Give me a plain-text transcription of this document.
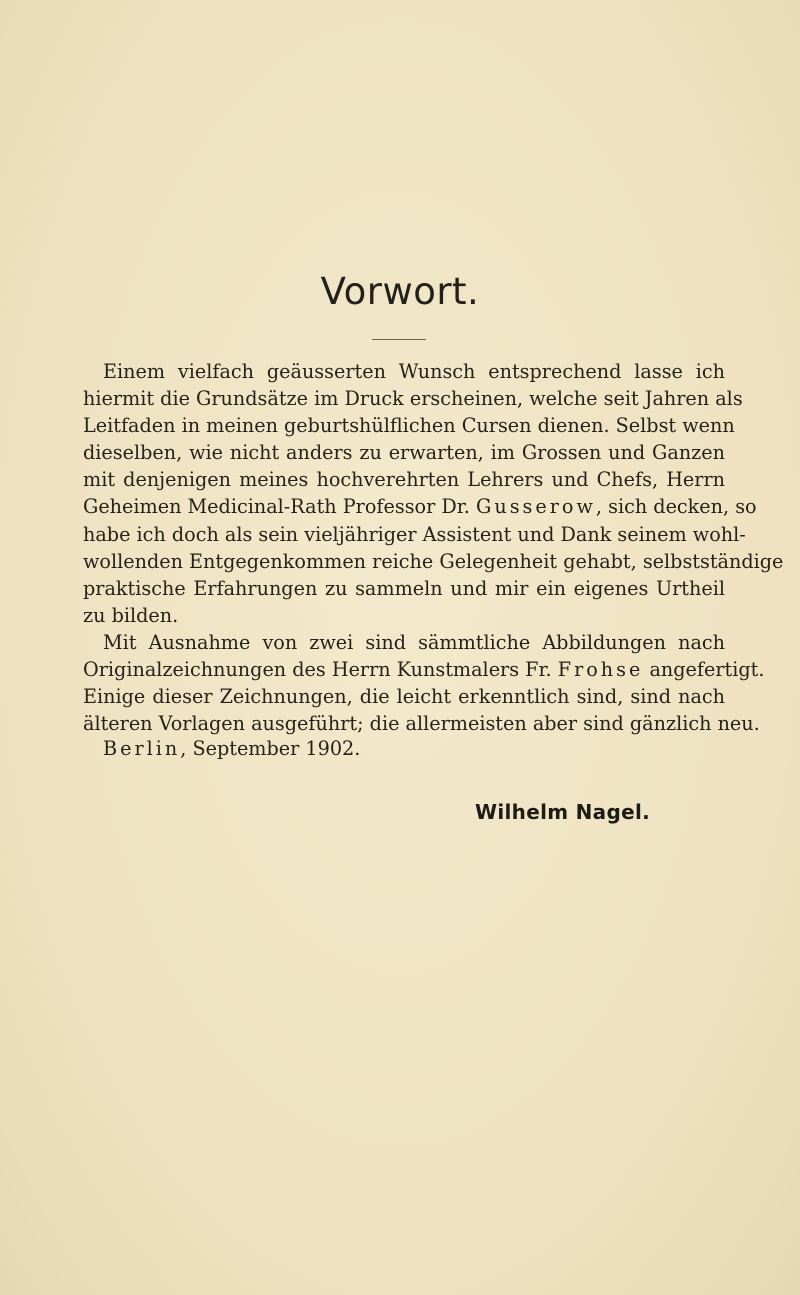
Vorwort.

Einem vielfach geäusserten Wunsch entsprechend lasse ich
hiermit die Grundsätze im Druck erscheinen, welche seit Jahren als
Leitfaden in meinen geburtshülflichen Cursen dienen. Selbst wenn
dieselben, wie nicht anders zu erwarten, im Grossen und Ganzen
mit denjenigen meines hochverehrten Lehrers und Chefs, Herrn
Geheimen Medicinal-Rath Professor Dr. Gusserow, sich decken, so
habe ich doch als sein vieljähriger Assistent und Dank seinem wohl-
wollenden Entgegenkommen reiche Gelegenheit gehabt, selbstständige
praktische Erfahrungen zu sammeln und mir ein eigenes Urtheil
zu bilden.

Mit Ausnahme von zwei sind sämmtliche Abbildungen nach
Originalzeichnungen des Herrn Kunstmalers Fr. Frohse angefertigt.
Einige dieser Zeichnungen, die leicht erkenntlich sind, sind nach
älteren Vorlagen ausgeführt; die allermeisten aber sind gänzlich neu.

Berlin, September 1902.
Wilhelm Nagel.
